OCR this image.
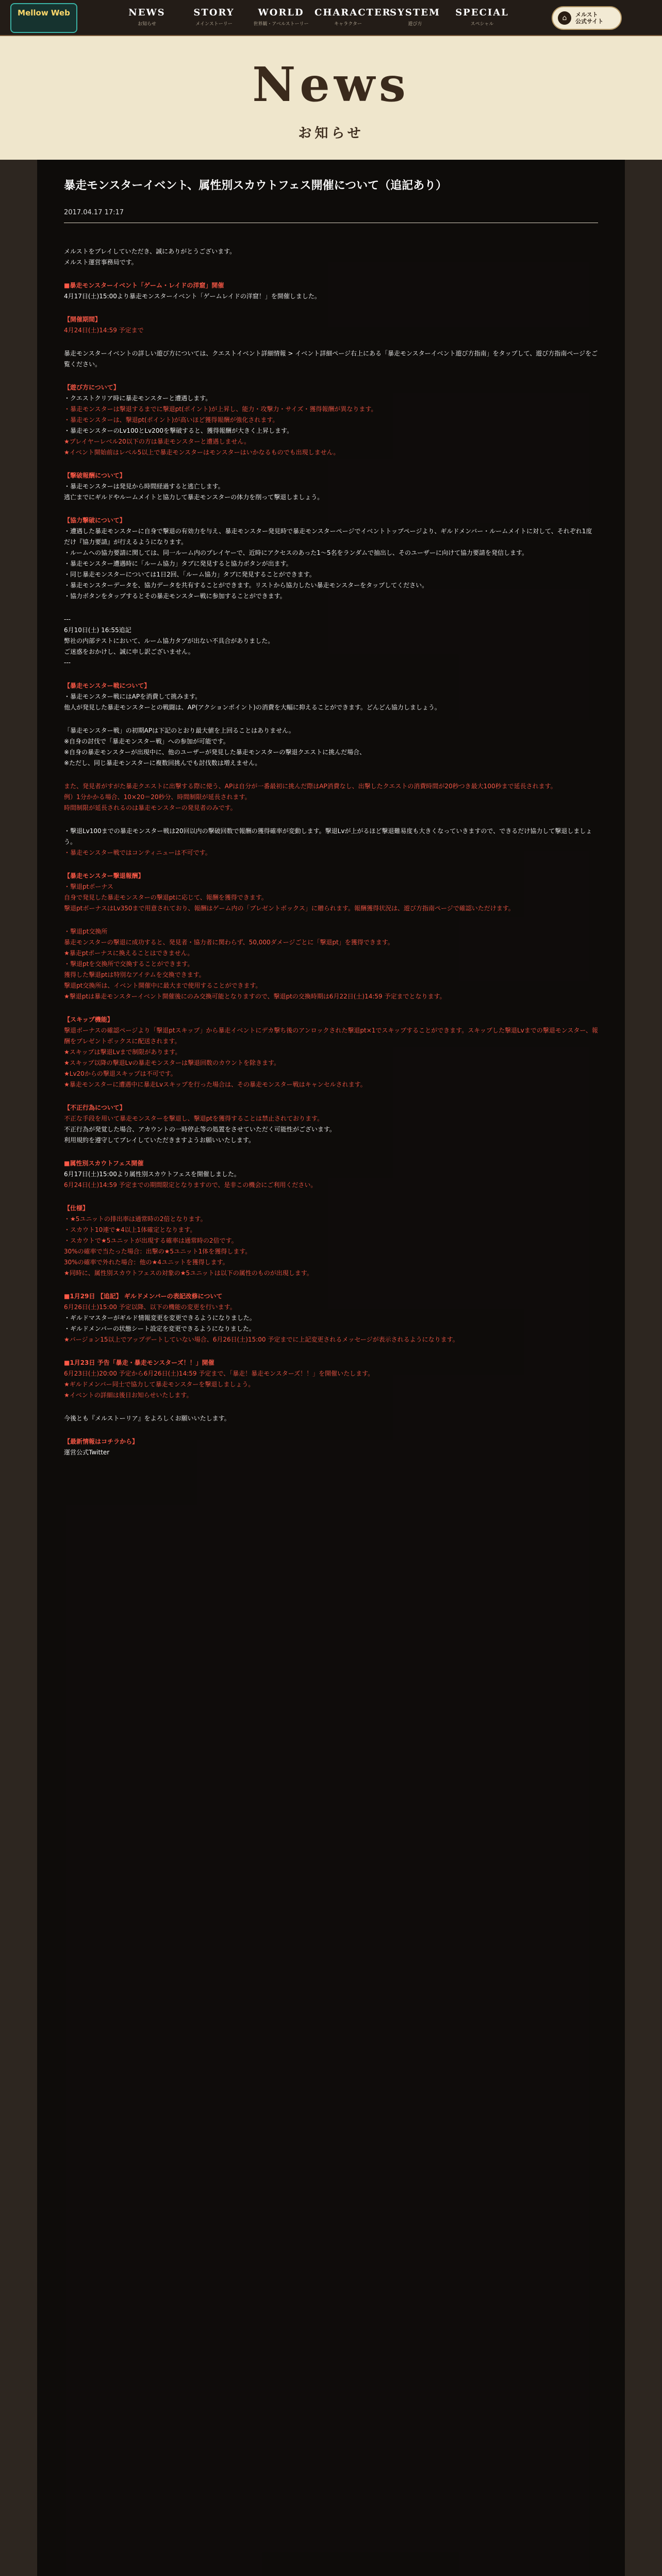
Mellow Web	NEWS
お知らせ
STORY
メインストーリー
WORLD
世界観・アベルストーリー
CHARACTER
キャラクター
SYSTEM
遊び方
SPECIAL
スペシャル
⌂	メルスト
公式サイト
News
お知らせ
暴走モンスターイベント、属性別スカウトフェス開催について（追記あり）
2017.04.17 17:17
メルストをプレイしていただき、誠にありがとうございます。
メルスト運営事務局です。
■暴走モンスターイベント「ゲーム・レイドの洋窟」開催
4月17日(土)15:00より暴走モンスターイベント「ゲームレイドの洋窟！」を開催しました。
【開催期間】
4月24日(土)14:59 予定まで
暴走モンスターイベントの詳しい遊び方については、クエストイベント詳細情報 > イベント詳細ページ右上にある「暴走モンスターイベント遊び方指南」をタップして、遊び方指南ページをご覧ください。
【遊び方について】
・クエストクリア時に暴走モンスターと遭遇します。
・暴走モンスターは撃退するまでに撃退pt(ポイント)が上昇し、能力・攻撃力・サイズ・獲得報酬が異なります。
・暴走モンスターは、撃退pt(ポイント)が高いほど獲得報酬が強化されます。
・暴走モンスターのLv100とLv200を撃破すると、獲得報酬が大きく上昇します。
★プレイヤーレベル20以下の方は暴走モンスターと遭遇しません。
★イベント開始前はレベル5以上で暴走モンスターはモンスターはいかなるものでも出現しません。
【撃破報酬について】
・暴走モンスターは発見から時間経過すると逃亡します。
逃亡までにギルドやルームメイトと協力して暴走モンスターの体力を削って撃退しましょう。
【協力撃破について】
・遭遇した暴走モンスターに自身で撃退の有効力を与え、暴走モンスター発見時で暴走モンスターページでイベントトップページより、ギルドメンバー・ルームメイトに対して、それぞれ1度だけ『協力要請』が行えるようになります。
・ルームへの協力要請に関しては、同一ルーム内のプレイヤーで、近時にアクセスのあった1～5名をランダムで抽出し、そのユーザーに向けて協力要請を発信します。
・暴走モンスター遭遇時に「ルーム協力」タブに発見すると協力ボタンが出ます。
・同じ暴走モンスターについては1日2回、「ルーム協力」タブに発見することができます。
・暴走モンスターデータを、協力データを共有することができます。リストから協力したい暴走モンスターをタップしてください。
・協力ボタンをタップするとその暴走モンスター戦に参加することができます。
---
6月10日(土) 16:55追記
弊社の内部テストにおいて、ルーム協力タブが出ない不具合がありました。
ご迷惑をおかけし、誠に申し訳ございません。
---
【暴走モンスター戦について】
・暴走モンスター戦にはAPを消費して挑みます。
他人が発見した暴走モンスターとの戦闘は、AP(アクションポイント)の消費を大幅に抑えることができます。どんどん協力しましょう。
「暴走モンスター戦」の初期APは下記のとおり最大値を上回ることはありません。
※自身の討伐で「暴走モンスター戦」への参加が可能です。
※自身の暴走モンスターが出現中に、他のユーザーが発見した暴走モンスターの撃退クエストに挑んだ場合、
※ただし、同じ暴走モンスターに複数回挑んでも討伐数は増えません。
また、発見者がすがた暴走クエストに出撃する際に使う、APは自分が一番最初に挑んだ際はAP消費なし、出撃したクエストの消費時間が20秒つき最大100秒まで延長されます。
例）1分かかる場合、10×20＝20秒分、時間制限が延長されます。
時間制限が延長されるのは暴走モンスターの発見者のみです。
・撃退Lv100までの暴走モンスター戦は20回以内の撃破回数で報酬の獲得確率が変動します。撃退Lvが上がるほど撃退難易度も大きくなっていきますので、できるだけ協力して撃退しましょう。
・暴走モンスター戦ではコンティニューは不可です。
【暴走モンスター撃退報酬】
・撃退ptポーナス
自身で発見した暴走モンスターの撃退ptに応じて、報酬を獲得できます。
撃退ptボーナスはLv350まで用意されており、報酬はゲーム内の「プレゼントボックス」に贈られます。報酬獲得状況は、遊び方指南ページで確認いただけます。
・撃退pt交換所
暴走モンスターの撃退に成功すると、発見者・協力者に関わらず、50,000ダメージごとに「撃退pt」を獲得できます。
★暴走ptポーナスに換えることはできません。
・撃退ptを交換所で交換することができます。
獲得した撃退ptは特別なアイテムを交換できます。
撃退pt交換所は、イベント開催中に最大まで使用することができます。
★撃退ptは暴走モンスターイベント開催後にのみ交換可能となりますので、撃退ptの交換時期は6月22日(土)14:59 予定までとなります。
【スキップ機能】
撃退ボーナスの確認ページより「撃退ptスキップ」から暴走イベントにデカ撃ち後のアンロックされた撃退pt×1でスキップすることができます。スキップした撃退Lvまでの撃退モンスター、報酬をプレゼントボックスに配送されます。
★スキップは撃退Lvまで制限があります。
★スキップ以降の撃退Lvの暴走モンスターは撃退回数のカウントを除きます。
★Lv20からの撃退スキップは不可です。
★暴走モンスターに遭遇中に暴走Lvスキップを行った場合は、その暴走モンスター戦はキャンセルされます。
【不正行為について】
不正な手段を用いて暴走モンスターを撃退し、撃退ptを獲得することは禁止されております。
不正行為が発覚した場合、アカウントの一時停止等の処置をさせていただく可能性がございます。
利用規約を遵守してプレイしていただきますようお願いいたします。
■属性別スカウトフェス開催
6月17日(土)15:00より属性別スカウトフェスを開催しました。
6月24日(土)14:59 予定までの期間限定となりますので、是非この機会にご利用ください。
【仕様】
・★5ユニットの排出率は通常時の2倍となります。
・スカウト10連で★4以上1体確定となります。
・スカウトで★5ユニットが出現する確率は通常時の2倍です。
30%の確率で当たった場合：出撃の★5ユニット1体を獲得します。
30%の確率で外れた場合：他の★4ユニットを獲得します。
★同時に、属性別スカウトフェスの対象の★5ユニットは以下の属性のものが出現します。
■1月29日 【追記】 ギルドメンバーの表記改修について
6月26日(土)15:00 予定以降、以下の機能の変更を行います。
・ギルドマスターがギルド情報変更を変更できるようになりました。
・ギルドメンバーの状態シート設定を変更できるようになりました。
★バージョン15以上でアップデートしていない場合、6月26日(土)15:00 予定までに上記変更されるメッセージが表示されるようになります。
■1月23日 予告「暴走・暴走モンスターズ！！」開催
6月23日(土)20:00 予定から6月26日(土)14:59 予定まで、「暴走！暴走モンスターズ！！」を開催いたします。
★ギルドメンバー同士で協力して暴走モンスターを撃退しましょう。
★イベントの詳細は後日お知らせいたします。
今後とも『メルストーリア』をよろしくお願いいたします。
【最新情報はコチラから】
運営公式Twitter
